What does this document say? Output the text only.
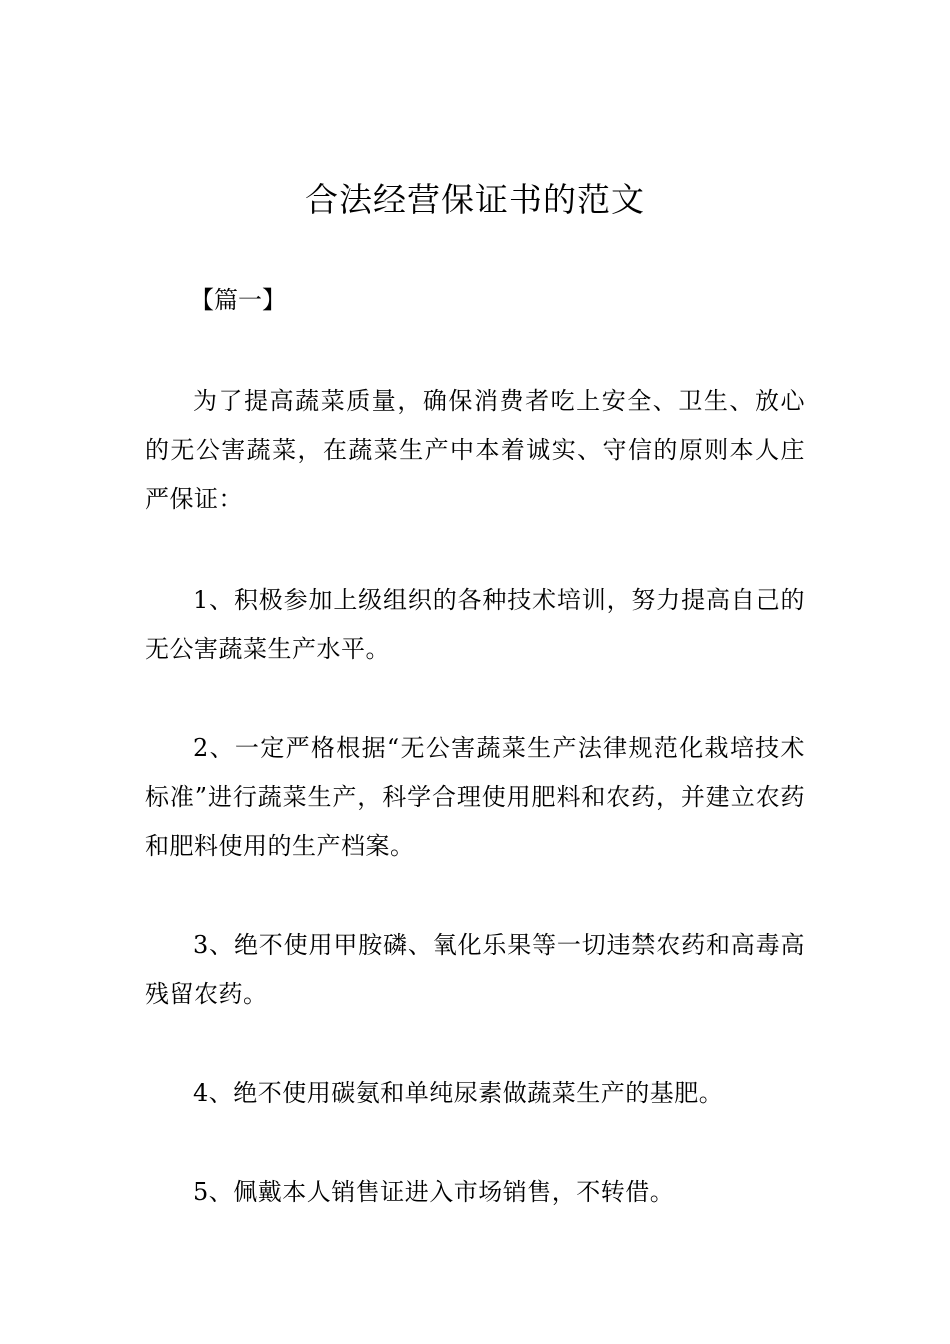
合法经营保证书的范文

【篇一】

为了提高蔬菜质量，确保消费者吃上安全、卫生、放心的无公害蔬菜，在蔬菜生产中本着诚实、守信的原则本人庄严保证：

1、积极参加上级组织的各种技术培训，努力提高自己的无公害蔬菜生产水平。

2、一定严格根据“无公害蔬菜生产法律规范化栽培技术标准”进行蔬菜生产，科学合理使用肥料和农药，并建立农药和肥料使用的生产档案。

3、绝不使用甲胺磷、氧化乐果等一切违禁农药和高毒高残留农药。

4、绝不使用碳氨和单纯尿素做蔬菜生产的基肥。

5、佩戴本人销售证进入市场销售，不转借。
